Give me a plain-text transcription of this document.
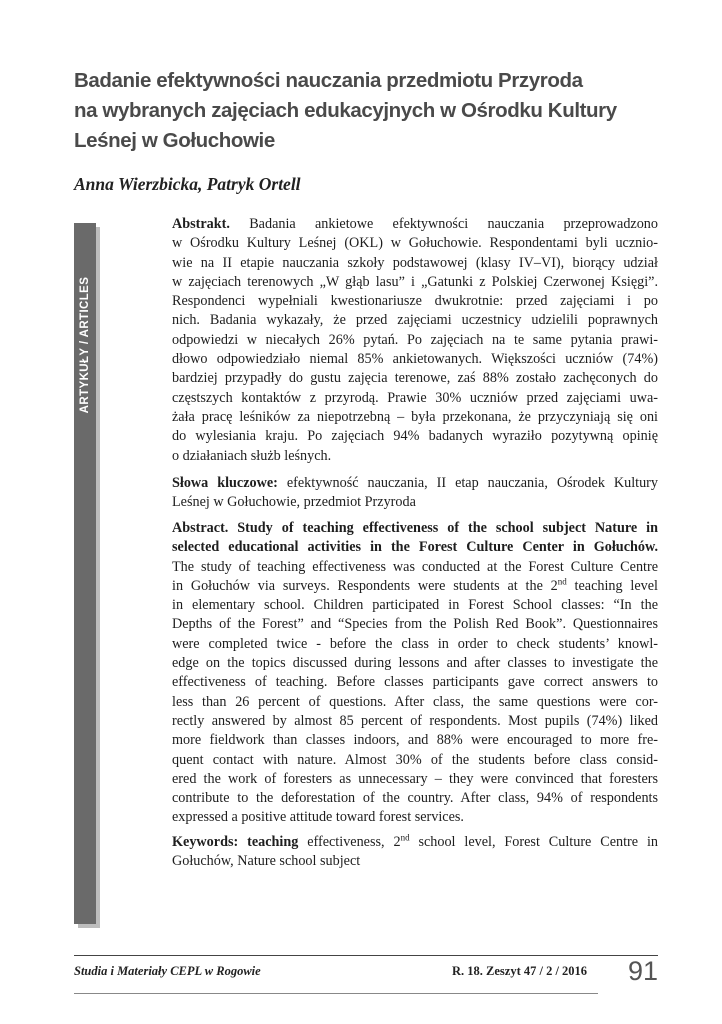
Badanie efektywności nauczania przedmiotu Przyroda
na wybranych zajęciach edukacyjnych w Ośrodku Kultury
Leśnej w Gołuchowie

Anna Wierzbicka, Patryk Ortell

ARTYKUŁY / ARTICLES
Abstrakt. Badania ankietowe efektywności nauczania przeprowadzono
w Ośrodku Kultury Leśnej (OKL) w Gołuchowie. Respondentami byli ucznio-
wie na II etapie nauczania szkoły podstawowej (klasy IV–VI), biorący udział
w zajęciach terenowych „W głąb lasu” i „Gatunki z Polskiej Czerwonej Księgi”.
Respondenci wypełniali kwestionariusze dwukrotnie: przed zajęciami i po
nich. Badania wykazały, że przed zajęciami uczestnicy udzielili poprawnych
odpowiedzi w niecałych 26% pytań. Po zajęciach na te same pytania prawi-
dłowo odpowiedziało niemal 85% ankietowanych. Większości uczniów (74%)
bardziej przypadły do gustu zajęcia terenowe, zaś 88% zostało zachęconych do
częstszych kontaktów z przyrodą. Prawie 30% uczniów przed zajęciami uwa-
żała pracę leśników za niepotrzebną – była przekonana, że przyczyniają się oni
do wylesiania kraju. Po zajęciach 94% badanych wyraziło pozytywną opinię
o działaniach służb leśnych.
Słowa kluczowe: efektywność nauczania, II etap nauczania, Ośrodek Kultury
Leśnej w Gołuchowie, przedmiot Przyroda
Abstract. Study of teaching effectiveness of the school subject Nature in
selected educational activities in the Forest Culture Center in Gołuchów.
The study of teaching effectiveness was conducted at the Forest Culture Centre
in Gołuchów via surveys. Respondents were students at the 2nd teaching level
in elementary school. Children participated in Forest School classes: “In the
Depths of the Forest” and “Species from the Polish Red Book”. Questionnaires
were completed twice - before the class in order to check students’ knowl-
edge on the topics discussed during lessons and after classes to investigate the
effectiveness of teaching. Before classes participants gave correct answers to
less than 26 percent of questions. After class, the same questions were cor-
rectly answered by almost 85 percent of respondents. Most pupils (74%) liked
more fieldwork than classes indoors, and 88% were encouraged to more fre-
quent contact with nature. Almost 30% of the students before class consid-
ered the work of foresters as unnecessary – they were convinced that foresters
contribute to the deforestation of the country. After class, 94% of respondents
expressed a positive attitude toward forest services.
Keywords: teaching effectiveness, 2nd school level, Forest Culture Centre in
Gołuchów, Nature school subject

Studia i Materiały CEPL w Rogowie	R. 18. Zeszyt 47 / 2 / 2016 91
